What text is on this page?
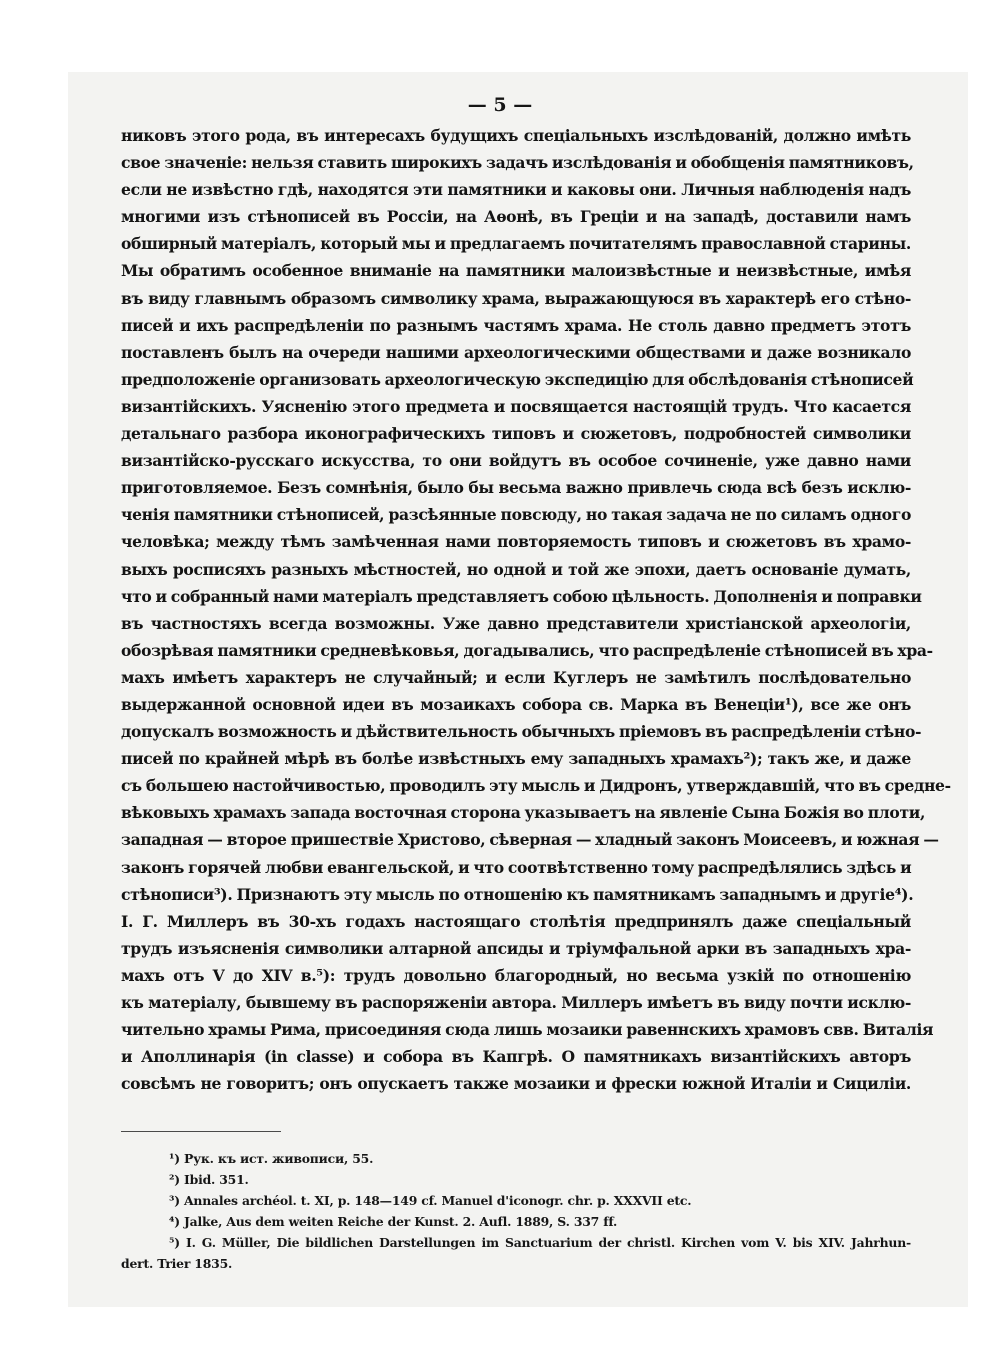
— 5 —
никовъ этого рода, въ интересахъ будущихъ спеціальныхъ изслѣдованій, должно имѣть
свое значеніе: нельзя ставить широкихъ задачъ изслѣдованія и обобщенія памятниковъ,
если не извѣстно гдѣ, находятся эти памятники и каковы они. Личныя наблюденія надъ
многими изъ стѣнописей въ Россіи, на Аѳонѣ, въ Греціи и на западѣ, доставили намъ
обширный матеріалъ, который мы и предлагаемъ почитателямъ православной старины.
Мы обратимъ особенное вниманіе на памятники малоизвѣстные и неизвѣстные, имѣя
въ виду главнымъ образомъ символику храма, выражающуюся въ характерѣ его стѣно-
писей и ихъ распредѣленіи по разнымъ частямъ храма. Не столь давно предметъ этотъ
поставленъ былъ на очереди нашими археологическими обществами и даже возникало
предположеніе организовать археологическую экспедицію для обслѣдованія стѣнописей
византійскихъ. Уясненію этого предмета и посвящается настоящій трудъ. Что касается
детальнаго разбора иконографическихъ типовъ и сюжетовъ, подробностей символики
византійско-русскаго искусства, то они войдутъ въ особое сочиненіе, уже давно нами
приготовляемое. Безъ сомнѣнія, было бы весьма важно привлечь сюда всѣ безъ исклю-
ченія памятники стѣнописей, разсѣянные повсюду, но такая задача не по силамъ одного
человѣка; между тѣмъ замѣченная нами повторяемость типовъ и сюжетовъ въ храмо-
выхъ росписяхъ разныхъ мѣстностей, но одной и той же эпохи, даетъ основаніе думать,
что и собранный нами матеріалъ представляетъ собою цѣльность. Дополненія и поправки
въ частностяхъ всегда возможны. Уже давно представители христіанской археологіи,
обозрѣвая памятники средневѣковья, догадывались, что распредѣленіе стѣнописей въ хра-
махъ имѣетъ характеръ не случайный; и если Куглеръ не замѣтилъ послѣдовательно
выдержанной основной идеи въ мозаикахъ собора св. Марка въ Венеціи¹), все же онъ
допускалъ возможность и дѣйствительность обычныхъ пріемовъ въ распредѣленіи стѣно-
писей по крайней мѣрѣ въ болѣе извѣстныхъ ему западныхъ храмахъ²); такъ же, и даже
съ большею настойчивостью, проводилъ эту мысль и Дидронъ, утверждавшій, что въ средне-
вѣковыхъ храмахъ запада восточная сторона указываетъ на явленіе Сына Божія во плоти,
западная — второе пришествіе Христово, сѣверная — хладный законъ Моисеевъ, и южная —
законъ горячей любви евангельской, и что соотвѣтственно тому распредѣлялись здѣсь и
стѣнописи³). Признаютъ эту мысль по отношенію къ памятникамъ западнымъ и другіе⁴).
I. Г. Миллеръ въ 30-хъ годахъ настоящаго столѣтія предпринялъ даже спеціальный
трудъ изъясненія символики алтарной апсиды и тріумфальной арки въ западныхъ хра-
махъ отъ V до XIV в.⁵): трудъ довольно благородный, но весьма узкій по отношенію
къ матеріалу, бывшему въ распоряженіи автора. Миллеръ имѣетъ въ виду почти исклю-
чительно храмы Рима, присоединяя сюда лишь мозаики равеннскихъ храмовъ свв. Виталія
и Аполлинарія (in classe) и собора въ Капгрѣ. О памятникахъ византійскихъ авторъ
совсѣмъ не говоритъ; онъ опускаетъ также мозаики и фрески южной Италіи и Сициліи.
¹) Рук. къ ист. живописи, 55.
²) Ibid. 351.
³) Annales archéol. t. XI, p. 148—149 cf. Manuel d'iconogr. chr. p. XXXVII etc.
⁴) Jalke, Aus dem weiten Reiche der Kunst. 2. Aufl. 1889, S. 337 ff.
⁵) I. G. Müller, Die bildlichen Darstellungen im Sanctuarium der christl. Kirchen vom V. bis XIV. Jahrhun-
dert. Trier 1835.
